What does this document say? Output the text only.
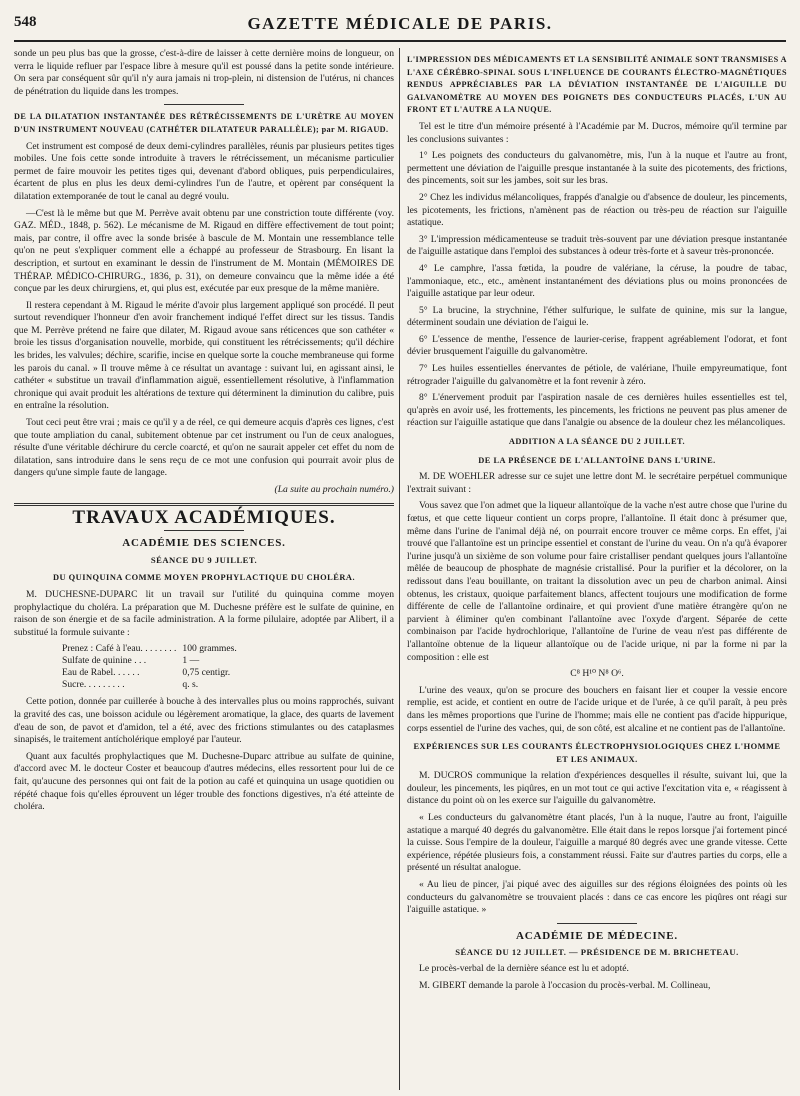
548	GAZETTE MÉDICALE DE PARIS.

sonde un peu plus bas que la grosse, c'est-à-dire de laisser à cette dernière moins de longueur, on verra le liquide refluer par l'espace libre à mesure qu'il est poussé dans la petite sonde intérieure. On sera par conséquent sûr qu'il n'y aura jamais ni trop-plein, ni distension de l'utérus, ni chances de pénétration du liquide dans les trompes.

DE LA DILATATION INSTANTANÉE DES RÉTRÉCISSEMENTS DE L'URÈTRE AU MOYEN D'UN INSTRUMENT NOUVEAU (CATHÉTER DILATATEUR PARALLÈLE); par M. RIGAUD.

Cet instrument est composé de deux demi-cylindres parallèles, réunis par plusieurs petites tiges mobiles. Une fois cette sonde introduite à travers le rétrécissement, un mécanisme particulier permet de faire mouvoir les petites tiges qui, devenant d'abord obliques, puis perpendiculaires, écartent de plus en plus les deux demi-cylindres l'un de l'autre, et opèrent par conséquent la dilatation extemporanée de tout le canal au degré voulu.

—C'est là le même but que M. Perrève avait obtenu par une constriction toute différente (voy. GAZ. MÉD., 1848, p. 562). Le mécanisme de M. Rigaud en diffère effectivement de tout point; mais, par contre, il offre avec la sonde brisée à bascule de M. Montain une ressemblance telle qu'on ne peut s'expliquer comment elle a échappé au professeur de Strasbourg. En lisant la description, et surtout en examinant le dessin de l'instrument de M. Montain (MÉMOIRES DE THÉRAP. MÉDICO-CHIRURG., 1836, p. 31), on demeure convaincu que la même idée a été conçue par les deux chirurgiens, et, qui plus est, exécutée par eux presque de la même manière.

Il restera cependant à M. Rigaud le mérite d'avoir plus largement appliqué son procédé. Il peut surtout revendiquer l'honneur d'en avoir franchement indiqué l'effet direct sur les tissus. Tandis que M. Perrève prétend ne faire que dilater, M. Rigaud avoue sans réticences que son cathéter « broie les tissus d'organisation nouvelle, morbide, qui constituent les rétrécissements; qu'il déchire les brides, les valvules; déchire, scarifie, incise en quelque sorte la couche membraneuse qui forme les parois du canal. » Il trouve même à ce résultat un avantage : suivant lui, en agissant ainsi, le cathéter « substitue un travail d'inflammation aiguë, essentiellement résolutive, à l'inflammation chronique qui avait produit les altérations de texture qui déterminent la diminution du calibre, puis en entraîne la résolution.

Tout ceci peut être vrai ; mais ce qu'il y a de réel, ce qui demeure acquis d'après ces lignes, c'est que toute ampliation du canal, subitement obtenue par cet instrument ou l'un de ceux analogues, résulte d'une véritable déchirure du cercle coarcté, et qu'on ne saurait appeler cet effet du nom de dilatation, sans introduire dans le sens reçu de ce mot une confusion qui pourrait avoir plus de dangers qu'une simple faute de langage.

(La suite au prochain numéro.)

TRAVAUX ACADÉMIQUES.
ACADÉMIE DES SCIENCES.
SÉANCE DU 9 JUILLET.
DU QUINQUINA COMME MOYEN PROPHYLACTIQUE DU CHOLÉRA.

M. DUCHESNE-DUPARC lit un travail sur l'utilité du quinquina comme moyen prophylactique du choléra. La préparation que M. Duchesne préfère est le sulfate de quinine, en raison de son énergie et de sa facile administration. A la forme pilulaire, adoptée par Alibert, il a substitué la formule suivante :

Prenez : Café à l'eau. . . . . . . .	100 grammes.
Sulfate de quinine . . .	1 —
Eau de Rabel. . . . . .	0,75 centigr.
Sucre. . . . . . . . .	q. s.

Cette potion, donnée par cuillerée à bouche à des intervalles plus ou moins rapprochés, suivant la gravité des cas, une boisson acidule ou légèrement aromatique, la glace, des quarts de lavement d'eau de son, de pavot et d'amidon, tel a été, avec des frictions stimulantes ou des cataplasmes sinapisés, le traitement antícholérique employé par l'auteur.

Quant aux facultés prophylactiques que M. Duchesne-Duparc attribue au sulfate de quinine, d'accord avec M. le docteur Coster et beaucoup d'autres médecins, elles ressortent pour lui de ce fait, qu'aucune des personnes qui ont fait de la potion au café et quinquina un usage quotidien ou répété chaque fois qu'elles éprouvent un léger trouble des fonctions digestives, n'a été atteinte de choléra.

L'IMPRESSION DES MÉDICAMENTS ET LA SENSIBILITÉ ANIMALE SONT TRANSMISES A L'AXE CÉRÉBRO-SPINAL SOUS L'INFLUENCE DE COURANTS ÉLECTRO-MAGNÉTIQUES RENDUS APPRÉCIABLES PAR LA DÉVIATION INSTANTANÉE DE L'AIGUILLE DU GALVANOMÈTRE AU MOYEN DES POIGNETS DES CONDUCTEURS PLACÉS, L'UN AU FRONT ET L'AUTRE A LA NUQUE.

Tel est le titre d'un mémoire présenté à l'Académie par M. Ducros, mémoire qu'il termine par les conclusions suivantes :

1° Les poignets des conducteurs du galvanomètre, mis, l'un à la nuque et l'autre au front, permettent une déviation de l'aiguille presque instantanée à la suite des picotements, des frictions, des pincements, soit sur les jambes, soit sur les bras.

2° Chez les individus mélancoliques, frappés d'analgie ou d'absence de douleur, les pincements, les picotements, les frictions, n'amènent pas de réaction ou très-peu de réaction sur l'aiguille astatique.

3° L'impression médicamenteuse se traduit très-souvent par une déviation presque instantanée de l'aiguille astatique dans l'emploi des substances à odeur très-forte et à saveur très-prononcée.

4° Le camphre, l'assa fœtida, la poudre de valériane, la céruse, la poudre de tabac, l'ammoniaque, etc., etc., amènent instantanément des déviations plus ou moins prononcées de l'aiguille astatique par leur odeur.

5° La brucine, la strychnine, l'éther sulfurique, le sulfate de quinine, mis sur la langue, déterminent soudain une déviation de l'aigui le.

6° L'essence de menthe, l'essence de laurier-cerise, frappent agréablement l'odorat, et font dévier brusquement l'aiguille du galvanomètre.

7° Les huiles essentielles énervantes de pétiole, de valériane, l'huile empyreumatique, font rétrograder l'aiguille du galvanomètre et la font revenir à zéro.

8° L'énervement produit par l'aspiration nasale de ces dernières huiles essentielles est tel, qu'après en avoir usé, les frottements, les pincements, les frictions ne peuvent pas plus amener de réaction sur l'aiguille astatique que dans l'analgie ou absence de la douleur chez les mélancoliques.

ADDITION A LA SÉANCE DU 2 JUILLET.
DE LA PRÉSENCE DE L'ALLANTOÏNE DANS L'URINE.

M. DE WOEHLER adresse sur ce sujet une lettre dont M. le secrétaire perpétuel communique l'extrait suivant :

Vous savez que l'on admet que la liqueur allantoïque de la vache n'est autre chose que l'urine du fœtus, et que cette liqueur contient un corps propre, l'allantoïne. Il était donc à présumer que, même dans l'urine de l'animal déjà né, on pourrait encore trouver ce même corps. En effet, j'ai trouvé que l'allantoïne est un principe essentiel et constant de l'urine du veau. On n'a qu'à évaporer l'urine jusqu'à un sixième de son volume pour faire cristalliser pendant quelques jours l'allantoïne mêlée de beaucoup de phosphate de magnésie cristallisé. Pour la purifier et la décolorer, on la redissout dans l'eau bouillante, on traitant la dissolution avec un peu de charbon animal. Ainsi obtenus, les cristaux, quoique parfaitement blancs, affectent toujours une modification de forme différente de celle de l'allantoïne ordinaire, et qui provient d'une matière étrangère qu'on ne parvient à éliminer qu'en combinant l'allantoïne avec l'oxyde d'argent. Séparée de cette combinaison par l'acide hydrochlorique, l'allantoïne de l'urine de veau n'est pas différente de l'allantoïne obtenue de la liqueur allantoïque ou de l'acide urique, ni par la forme ni par la composition : elle est

C⁸ H¹⁰ N⁸ O⁶.

L'urine des veaux, qu'on se procure des bouchers en faisant lier et couper la vessie encore remplie, est acide, et contient en outre de l'acide urique et de l'urée, à ce qu'il paraît, à peu près dans les mêmes proportions que l'urine de l'homme; mais elle ne contient pas d'acide hippurique, corps essentiel de l'urine des vaches, qui, de son côté, est alcaline et ne contient pas de l'allantoïne.

EXPÉRIENCES SUR LES COURANTS ÉLECTROPHYSIOLOGIQUES CHEZ L'HOMME ET LES ANIMAUX.

M. DUCROS communique la relation d'expériences desquelles il résulte, suivant lui, que la douleur, les pincements, les piqûres, en un mot tout ce qui active l'excitation vita e, « réagissent à distance du point où on les exerce sur l'aiguille du galvanomètre.

« Les conducteurs du galvanomètre étant placés, l'un à la nuque, l'autre au front, l'aiguille astatique a marqué 40 degrés du galvanomètre. Elle était dans le repos lorsque j'ai fortement pincé la cuisse. Sous l'empire de la douleur, l'aiguille a marqué 80 degrés avec une grande vitesse. Cette expérience, répétée plusieurs fois, a constamment réussi. Faite sur d'autres parties du corps, elle a présenté un résultat analogue.

« Au lieu de pincer, j'ai piqué avec des aiguilles sur des régions éloignées des points où les conducteurs du galvanomètre se trouvaient placés : dans ce cas encore les piqûres ont réagi sur l'aiguille astatique. »

ACADÉMIE DE MÉDECINE.
SÉANCE DU 12 JUILLET. — PRÉSIDENCE DE M. BRICHETEAU.

Le procès-verbal de la dernière séance est lu et adopté.

M. GIBERT demande la parole à l'occasion du procès-verbal. M. Collineau,
